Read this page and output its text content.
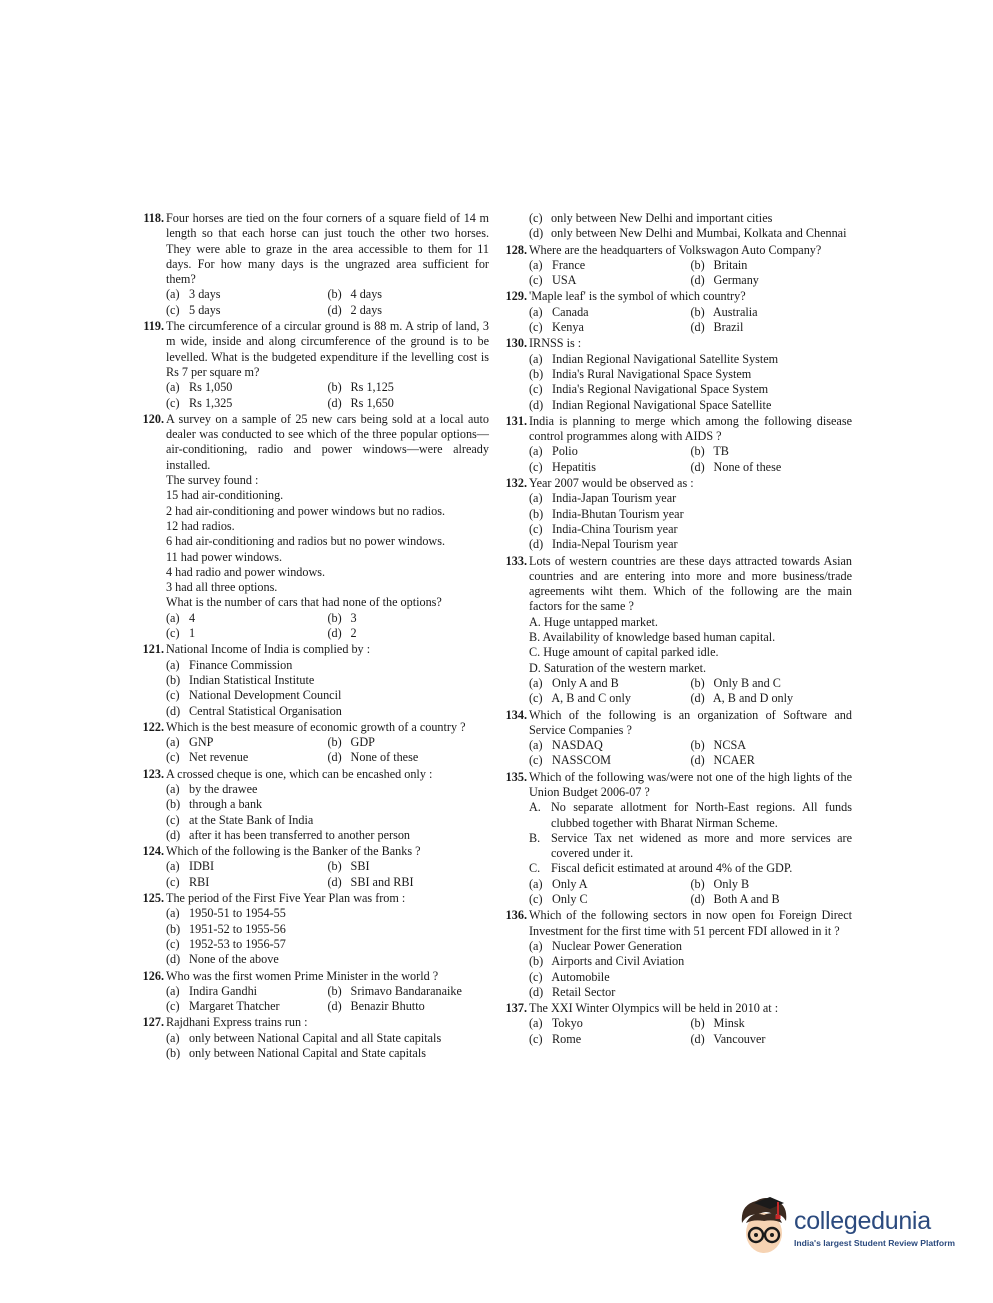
118. Four horses are tied on the four corners of a square field of 14 m length so that each horse can just touch the other two horses. They were able to graze in the area accessible to them for 11 days. For how many days is the ungrazed area sufficient for them?
(a) 3 days	(b) 4 days
(c) 5 days	(d) 2 days
119. The circumference of a circular ground is 88 m. A strip of land, 3 m wide, inside and along circumference of the ground is to be levelled. What is the budgeted expenditure if the levelling cost is Rs 7 per square m?
(a) Rs 1,050	(b) Rs 1,125
(c) Rs 1,325	(d) Rs 1,650
120. A survey on a sample of 25 new cars being sold at a local auto dealer was conducted to see which of the three popular options—air-conditioning, radio and power windows—were already installed.
The survey found :
15 had air-conditioning.
2 had air-conditioning and power windows but no radios.
12 had radios.
6 had air-conditioning and radios but no power windows.
11 had power windows.
4 had radio and power windows.
3 had all three options.
What is the number of cars that had none of the options?
(a) 4	(b) 3
(c) 1	(d) 2
121. National Income of India is complied by :
(a) Finance Commission
(b) Indian Statistical Institute
(c) National Development Council
(d) Central Statistical Organisation
122. Which is the best measure of economic growth of a country ?
(a) GNP	(b) GDP
(c) Net revenue	(d) None of these
123. A crossed cheque is one, which can be encashed only :
(a) by the drawee
(b) through a bank
(c) at the State Bank of India
(d) after it has been transferred to another person
124. Which of the following is the Banker of the Banks ?
(a) IDBI	(b) SBI
(c) RBI	(d) SBI and RBI
125. The period of the First Five Year Plan was from :
(a) 1950-51 to 1954-55
(b) 1951-52 to 1955-56
(c) 1952-53 to 1956-57
(d) None of the above
126. Who was the first women Prime Minister in the world ?
(a) Indira Gandhi	(b) Srimavo Bandaranaike
(c) Margaret Thatcher	(d) Benazir Bhutto
127. Rajdhani Express trains run :
(a) only between National Capital and all State capitals
(b) only between National Capital and State capitals
(c) only between New Delhi and important cities
(d) only between New Delhi and Mumbai, Kolkata and Chennai
128. Where are the headquarters of Volkswagon Auto Company?
(a) France	(b) Britain
(c) USA	(d) Germany
129. 'Maple leaf' is the symbol of which country?
(a) Canada	(b) Australia
(c) Kenya	(d) Brazil
130. IRNSS is :
(a) Indian Regional Navigational Satellite System
(b) India's Rural Navigational Space System
(c) India's Regional Navigational Space System
(d) Indian Regional Navigational Space Satellite
131. India is planning to merge which among the following disease control programmes along with AIDS ?
(a) Polio	(b) TB
(c) Hepatitis	(d) None of these
132. Year 2007 would be observed as :
(a) India-Japan Tourism year
(b) India-Bhutan Tourism year
(c) India-China Tourism year
(d) India-Nepal Tourism year
133. Lots of western countries are these days attracted towards Asian countries and are entering into more and more business/trade agreements wiht them. Which of the following are the main factors for the same ?
A. Huge untapped market.
B. Availability of knowledge based human capital.
C. Huge amount of capital parked idle.
D. Saturation of the western market.
(a) Only A and B	(b) Only B and C
(c) A, B and C only	(d) A, B and D only
134. Which of the following is an organization of Software and Service Companies ?
(a) NASDAQ	(b) NCSA
(c) NASSCOM	(d) NCAER
135. Which of the following was/were not one of the high lights of the Union Budget 2006-07 ?
A. No separate allotment for North-East regions. All funds clubbed together with Bharat Nirman Scheme.
B. Service Tax net widened as more and more services are covered under it.
C. Fiscal deficit estimated at around 4% of the GDP.
(a) Only A	(b) Only B
(c) Only C	(d) Both A and B
136. Which of the following sectors in now open foı Foreign Direct Investment for the first time with 51 percent FDI allowed in it ?
(a) Nuclear Power Generation
(b) Airports and Civil Aviation
(c) Automobile
(d) Retail Sector
137. The XXI Winter Olympics will be held in 2010 at :
(a) Tokyo	(b) Minsk
(c) Rome	(d) Vancouver
collegedunia
India's largest Student Review Platform
